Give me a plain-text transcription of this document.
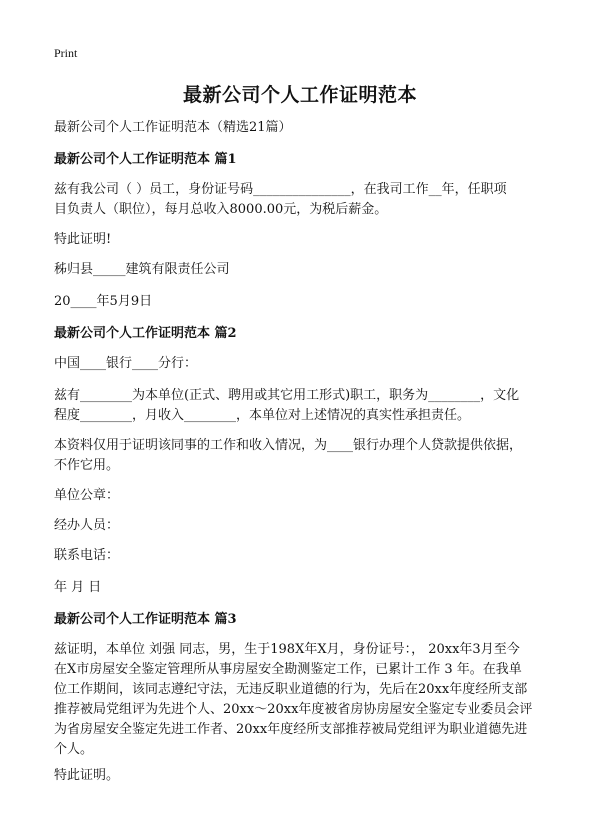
Print
最新公司个人工作证明范本
最新公司个人工作证明范本（精选21篇）
最新公司个人工作证明范本 篇1
兹有我公司（ ）员工，身份证号码_______________，在我司工作__年，任职项
目负责人（职位），每月总收入8000.00元，为税后薪金。
特此证明!
秭归县_____建筑有限责任公司
20____年5月9日
最新公司个人工作证明范本 篇2
中国____银行____分行：
兹有________为本单位(正式、聘用或其它用工形式)职工，职务为________，文化
程度________，月收入________，本单位对上述情况的真实性承担责任。
本资料仅用于证明该同事的工作和收入情况，为____银行办理个人贷款提供依据，
不作它用。
单位公章：
经办人员：
联系电话：
年 月 日
最新公司个人工作证明范本 篇3
兹证明，本单位 刘强 同志，男，生于198X年X月，身份证号：， 20xx年3月至今
在X市房屋安全鉴定管理所从事房屋安全勘测鉴定工作，已累计工作 3 年。在我单
位工作期间，该同志遵纪守法，无违反职业道德的行为，先后在20xx年度经所支部
推荐被局党组评为先进个人、20xx～20xx年度被省房协房屋安全鉴定专业委员会评
为省房屋安全鉴定先进工作者、20xx年度经所支部推荐被局党组评为职业道德先进
个人。
特此证明。
